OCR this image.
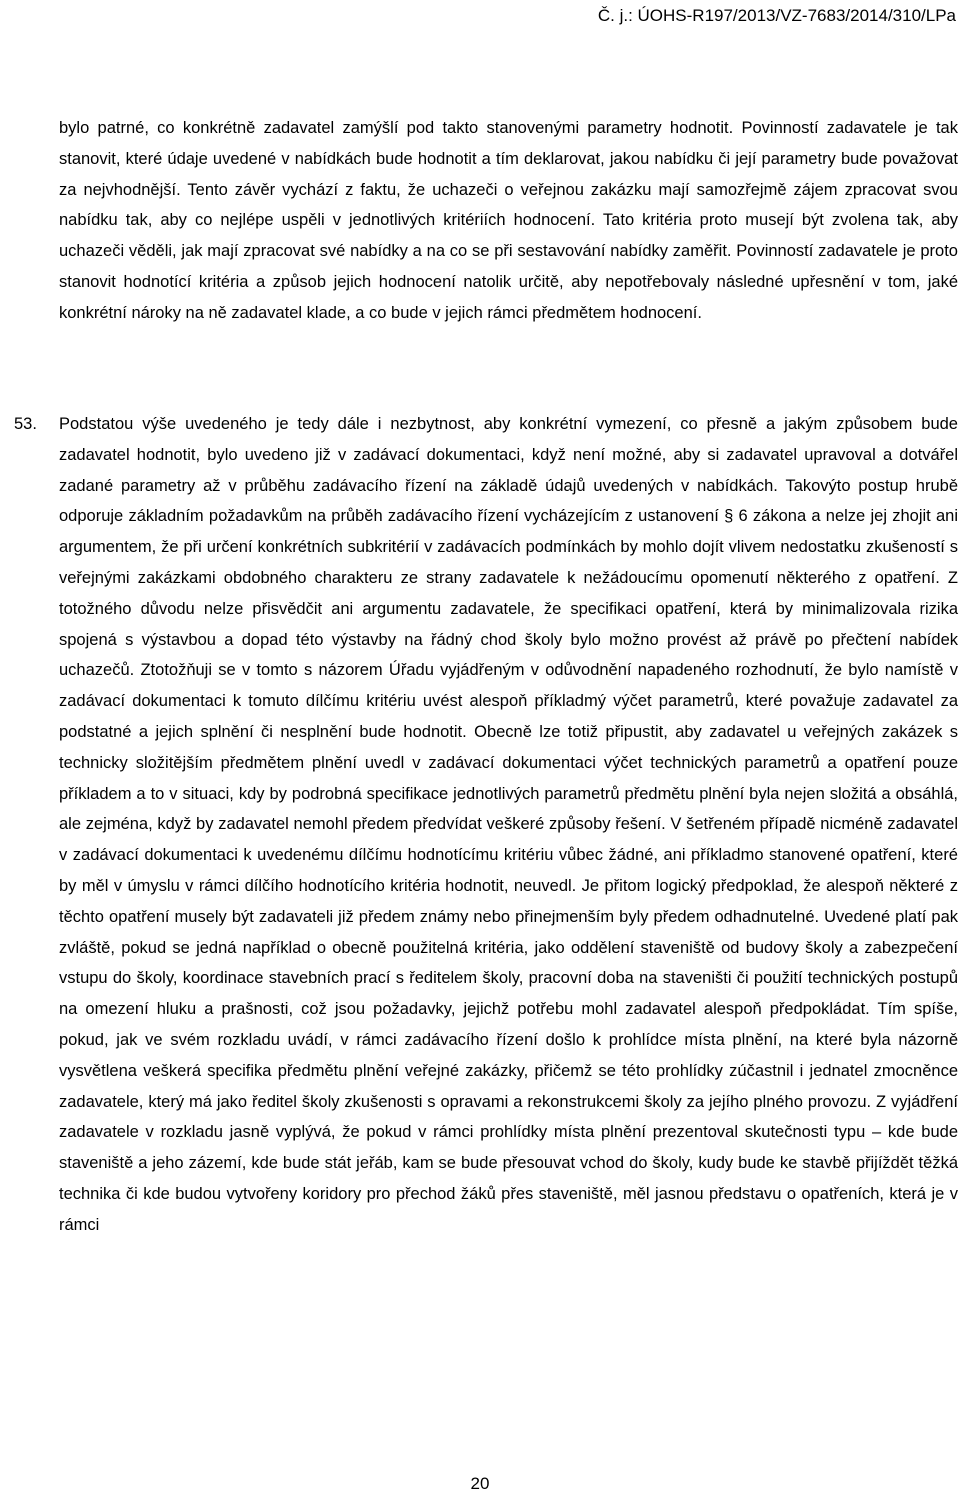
Č. j.: ÚOHS-R197/2013/VZ-7683/2014/310/LPa
bylo patrné, co konkrétně zadavatel zamýšlí pod takto stanovenými parametry hodnotit. Povinností zadavatele je tak stanovit, které údaje uvedené v nabídkách bude hodnotit a tím deklarovat, jakou nabídku či její parametry bude považovat za nejvhodnější. Tento závěr vychází z faktu, že uchazeči o veřejnou zakázku mají samozřejmě zájem zpracovat svou nabídku tak, aby co nejlépe uspěli v jednotlivých kritériích hodnocení. Tato kritéria proto musejí být zvolena tak, aby uchazeči věděli, jak mají zpracovat své nabídky a na co se při sestavování nabídky zaměřit. Povinností zadavatele je proto stanovit hodnotící kritéria a způsob jejich hodnocení natolik určitě, aby nepotřebovaly následné upřesnění v tom, jaké konkrétní nároky na ně zadavatel klade, a co bude v jejich rámci předmětem hodnocení.
53. Podstatou výše uvedeného je tedy dále i nezbytnost, aby konkrétní vymezení, co přesně a jakým způsobem bude zadavatel hodnotit, bylo uvedeno již v zadávací dokumentaci, když není možné, aby si zadavatel upravoval a dotvářel zadané parametry až v průběhu zadávacího řízení na základě údajů uvedených v nabídkách. Takovýto postup hrubě odporuje základním požadavkům na průběh zadávacího řízení vycházejícím z ustanovení § 6 zákona a nelze jej zhojit ani argumentem, že při určení konkrétních subkritérií v zadávacích podmínkách by mohlo dojít vlivem nedostatku zkušeností s veřejnými zakázkami obdobného charakteru ze strany zadavatele k nežádoucímu opomenutí některého z opatření. Z totožného důvodu nelze přisvědčit ani argumentu zadavatele, že specifikaci opatření, která by minimalizovala rizika spojená s výstavbou a dopad této výstavby na řádný chod školy bylo možno provést až právě po přečtení nabídek uchazečů. Ztotožňuji se v tomto s názorem Úřadu vyjádřeným v odůvodnění napadeného rozhodnutí, že bylo namístě v zadávací dokumentaci k tomuto dílčímu kritériu uvést alespoň příkladmý výčet parametrů, které považuje zadavatel za podstatné a jejich splnění či nesplnění bude hodnotit. Obecně lze totiž připustit, aby zadavatel u veřejných zakázek s technicky složitějším předmětem plnění uvedl v zadávací dokumentaci výčet technických parametrů a opatření pouze příkladem a to v situaci, kdy by podrobná specifikace jednotlivých parametrů předmětu plnění byla nejen složitá a obsáhlá, ale zejména, když by zadavatel nemohl předem předvídat veškeré způsoby řešení. V šetřeném případě nicméně zadavatel v zadávací dokumentaci k uvedenému dílčímu hodnotícímu kritériu vůbec žádné, ani příkladmo stanovené opatření, které by měl v úmyslu v rámci dílčího hodnotícího kritéria hodnotit, neuvedl. Je přitom logický předpoklad, že alespoň některé z těchto opatření musely být zadavateli již předem známy nebo přinejmenším byly předem odhadnutelné. Uvedené platí pak zvláště, pokud se jedná například o obecně použitelná kritéria, jako oddělení staveniště od budovy školy a zabezpečení vstupu do školy, koordinace stavebních prací s ředitelem školy, pracovní doba na staveništi či použití technických postupů na omezení hluku a prašnosti, což jsou požadavky, jejichž potřebu mohl zadavatel alespoň předpokládat. Tím spíše, pokud, jak ve svém rozkladu uvádí, v rámci zadávacího řízení došlo k prohlídce místa plnění, na které byla názorně vysvětlena veškerá specifika předmětu plnění veřejné zakázky, přičemž se této prohlídky zúčastnil i jednatel zmocněnce zadavatele, který má jako ředitel školy zkušenosti s opravami a rekonstrukcemi školy za jejího plného provozu. Z vyjádření zadavatele v rozkladu jasně vyplývá, že pokud v rámci prohlídky místa plnění prezentoval skutečnosti typu – kde bude staveniště a jeho zázemí, kde bude stát jeřáb, kam se bude přesouvat vchod do školy, kudy bude ke stavbě přijíždět těžká technika či kde budou vytvořeny koridory pro přechod žáků přes staveniště, měl jasnou představu o opatřeních, která je v rámci
20
